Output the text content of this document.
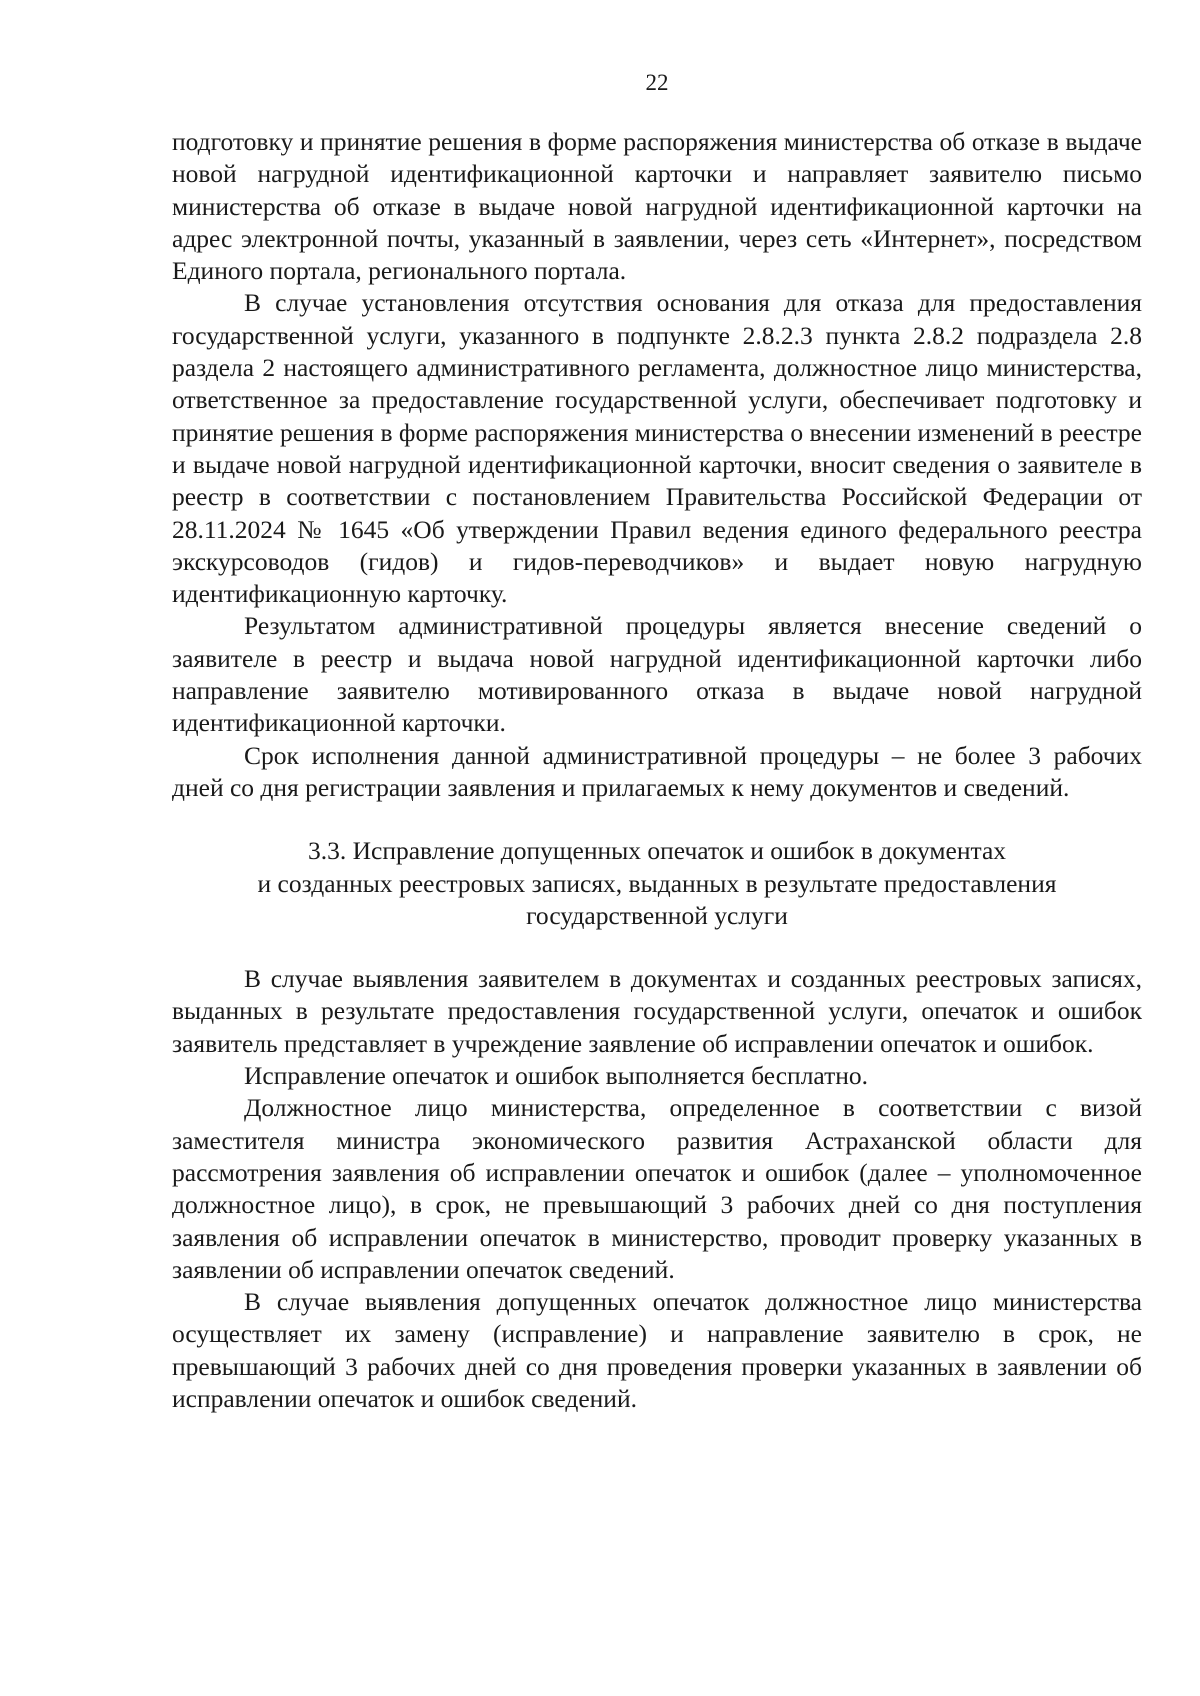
22

подготовку и принятие решения в форме распоряжения министерства об отказе в выдаче новой нагрудной идентификационной карточки и направляет заявителю письмо министерства об отказе в выдаче новой нагрудной идентификационной карточки на адрес электронной почты, указанный в заявлении, через сеть «Интернет», посредством Единого портала, регионального портала.

В случае установления отсутствия основания для отказа для предоставления государственной услуги, указанного в подпункте 2.8.2.3 пункта 2.8.2 подраздела 2.8 раздела 2 настоящего административного регламента, должностное лицо министерства, ответственное за предоставление государственной услуги, обеспечивает подготовку и принятие решения в форме распоряжения министерства о внесении изменений в реестре и выдаче новой нагрудной идентификационной карточки, вносит сведения о заявителе в реестр в соответствии с постановлением Правительства Российской Федерации от 28.11.2024 № 1645 «Об утверждении Правил ведения единого федерального реестра экскурсоводов (гидов) и гидов-переводчиков» и выдает новую нагрудную идентификационную карточку.

Результатом административной процедуры является внесение сведений о заявителе в реестр и выдача новой нагрудной идентификационной карточки либо направление заявителю мотивированного отказа в выдаче новой нагрудной идентификационной карточки.

Срок исполнения данной административной процедуры – не более 3 рабочих дней со дня регистрации заявления и прилагаемых к нему документов и сведений.

3.3. Исправление допущенных опечаток и ошибок в документах
и созданных реестровых записях, выданных в результате предоставления
государственной услуги

В случае выявления заявителем в документах и созданных реестровых записях, выданных в результате предоставления государственной услуги, опечаток и ошибок заявитель представляет в учреждение заявление об исправлении опечаток и ошибок.

Исправление опечаток и ошибок выполняется бесплатно.

Должностное лицо министерства, определенное в соответствии с визой заместителя министра экономического развития Астраханской области для рассмотрения заявления об исправлении опечаток и ошибок (далее – уполномоченное должностное лицо), в срок, не превышающий 3 рабочих дней со дня поступления заявления об исправлении опечаток в министерство, проводит проверку указанных в заявлении об исправлении опечаток сведений.

В случае выявления допущенных опечаток должностное лицо министерства осуществляет их замену (исправление) и направление заявителю в срок, не превышающий 3 рабочих дней со дня проведения проверки указанных в заявлении об исправлении опечаток и ошибок сведений.
